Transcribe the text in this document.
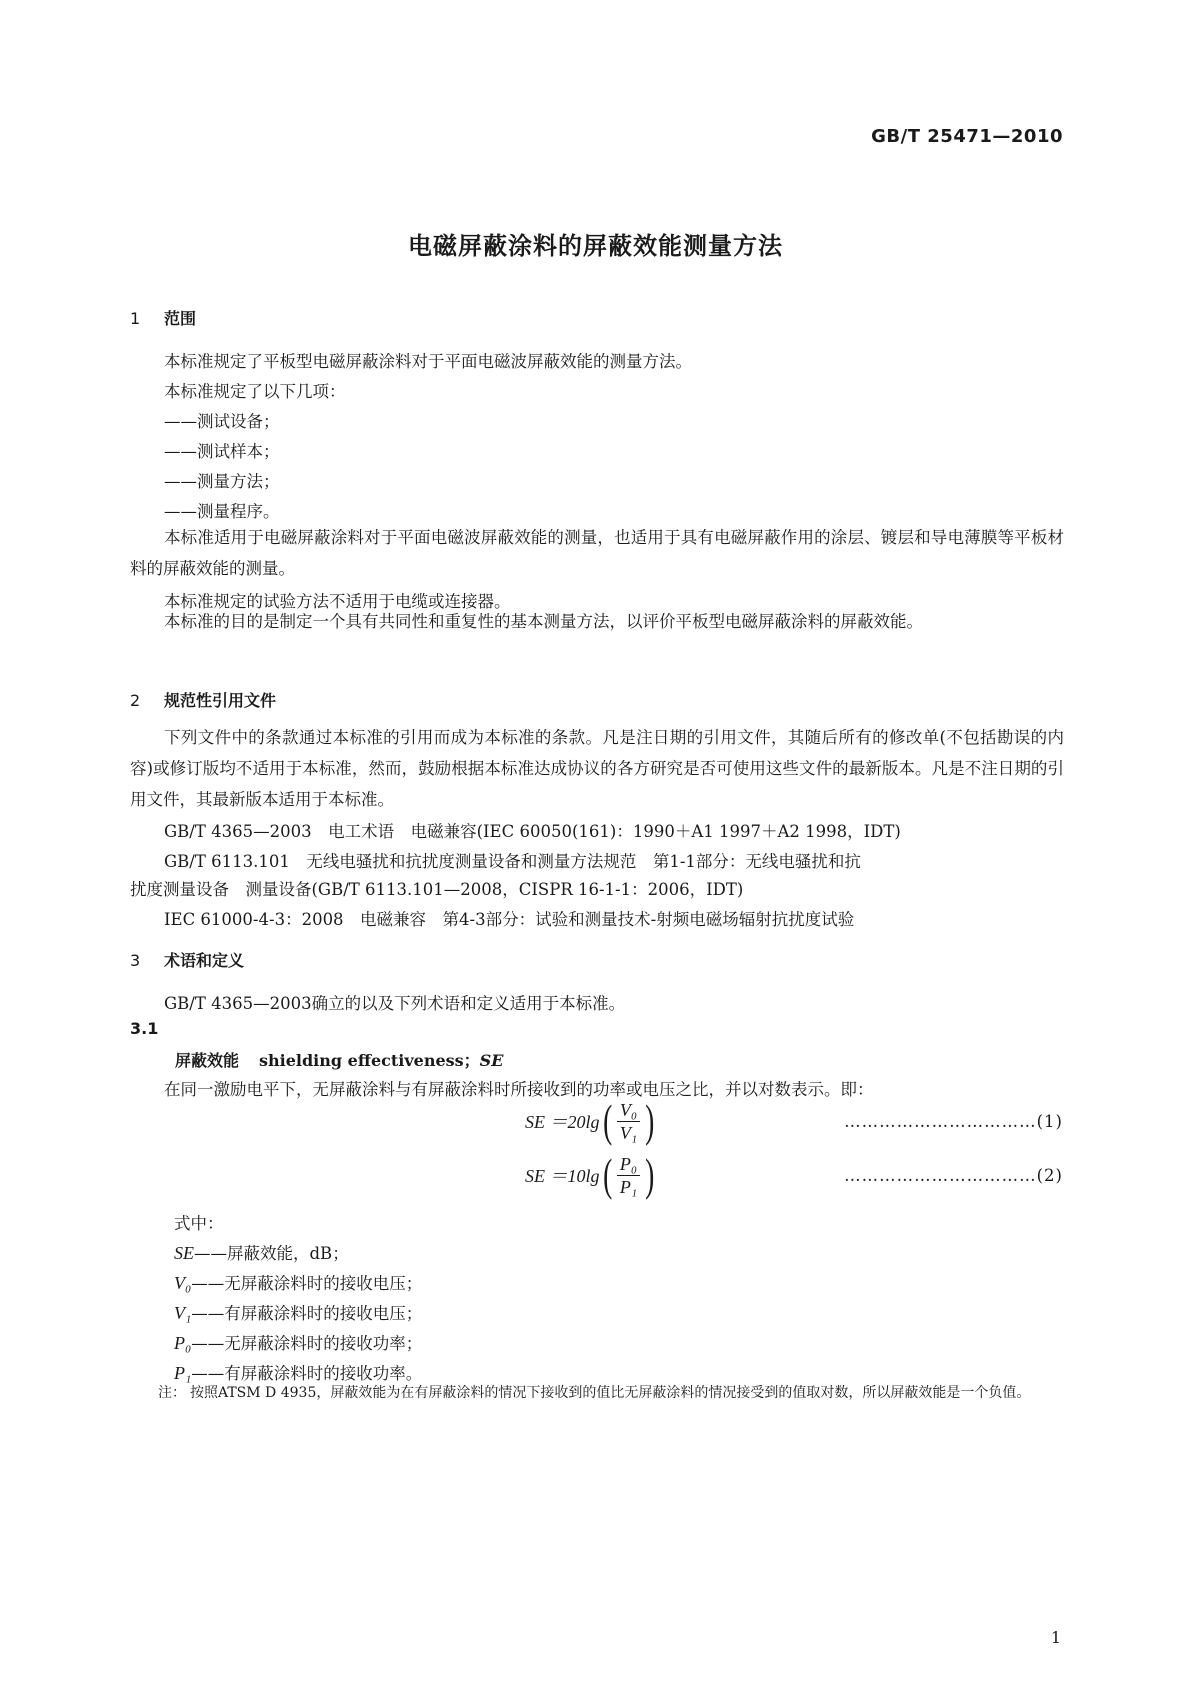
GB/T 25471—2010
电磁屏蔽涂料的屏蔽效能测量方法
1 范围
本标准规定了平板型电磁屏蔽涂料对于平面电磁波屏蔽效能的测量方法。
本标准规定了以下几项：
——测试设备；
——测试样本；
——测量方法；
——测量程序。
本标准适用于电磁屏蔽涂料对于平面电磁波屏蔽效能的测量，也适用于具有电磁屏蔽作用的涂层、镀层和导电薄膜等平板材料的屏蔽效能的测量。
本标准规定的试验方法不适用于电缆或连接器。
本标准的目的是制定一个具有共同性和重复性的基本测量方法，以评价平板型电磁屏蔽涂料的屏蔽效能。
2 规范性引用文件
下列文件中的条款通过本标准的引用而成为本标准的条款。凡是注日期的引用文件，其随后所有的修改单(不包括勘误的内容)或修订版均不适用于本标准，然而，鼓励根据本标准达成协议的各方研究是否可使用这些文件的最新版本。凡是不注日期的引用文件，其最新版本适用于本标准。
GB/T 4365—2003　电工术语　电磁兼容(IEC 60050(161)：1990＋A1 1997＋A2 1998，IDT)
GB/T 6113.101　无线电骚扰和抗扰度测量设备和测量方法规范　第1-1部分：无线电骚扰和抗
扰度测量设备　测量设备(GB/T 6113.101—2008，CISPR 16-1-1：2006，IDT)
IEC 61000-4-3：2008　电磁兼容　第4-3部分：试验和测量技术-射频电磁场辐射抗扰度试验
3 术语和定义
GB/T 4365—2003确立的以及下列术语和定义适用于本标准。
3.1
屏蔽效能 shielding effectiveness；SE
在同一激励电平下，无屏蔽涂料与有屏蔽涂料时所接收到的功率或电压之比，并以对数表示。即：
SE ＝20lg ( $\frac{\text{V₀}}{\text{V₁}}$ )	……………………………(1)
SE ＝10lg ( $\frac{\text{P₀}}{\text{P₁}}$ )	……………………………(2)
式中：
SE——屏蔽效能，dB；
V₀——无屏蔽涂料时的接收电压；
V₁——有屏蔽涂料时的接收电压；
P₀——无屏蔽涂料时的接收功率；
P₁——有屏蔽涂料时的接收功率。
注： 按照ATSM D 4935，屏蔽效能为在有屏蔽涂料的情况下接收到的值比无屏蔽涂料的情况接受到的值取对数，所以屏蔽效能是一个负值。
1
